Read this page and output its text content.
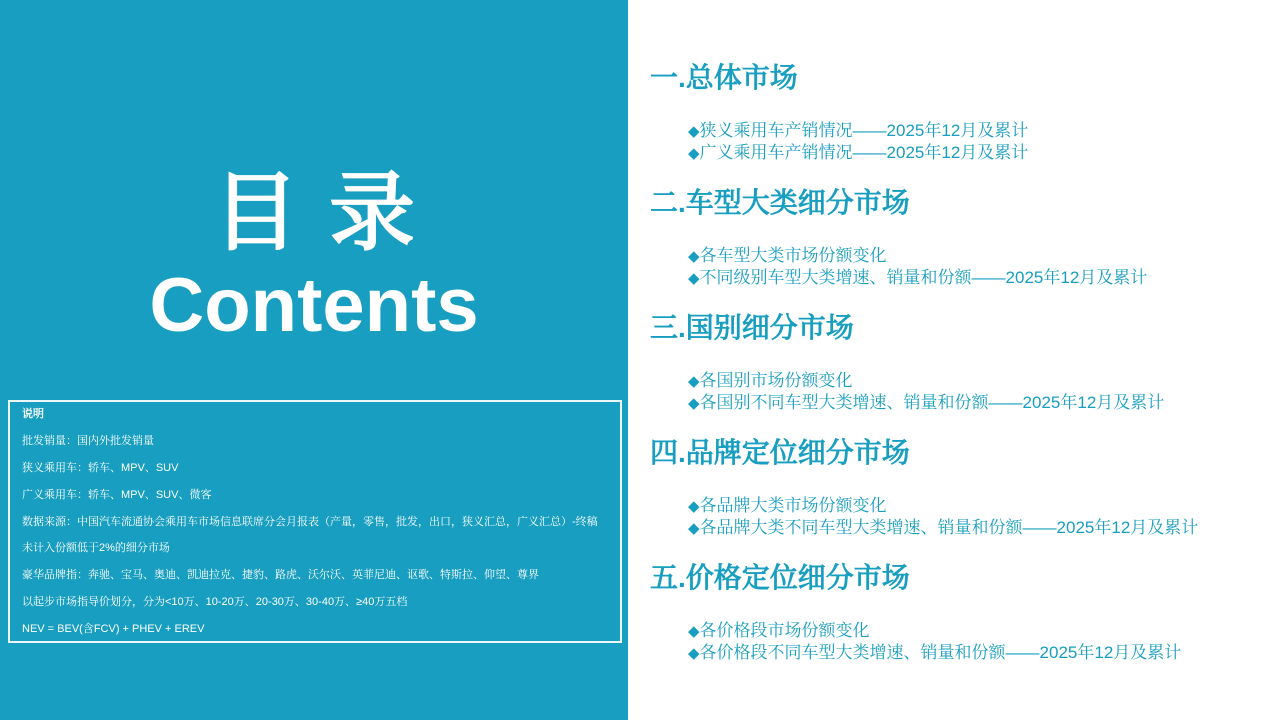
目录
Contents
说明
批发销量：国内外批发销量
狭义乘用车：轿车、MPV、SUV
广义乘用车：轿车、MPV、SUV、微客
数据来源：中国汽车流通协会乘用车市场信息联席分会月报表（产量，零售，批发，出口，狭义汇总，广义汇总）-终稿
未计入份额低于2%的细分市场
豪华品牌指：奔驰、宝马、奥迪、凯迪拉克、捷豹、路虎、沃尔沃、英菲尼迪、讴歌、特斯拉、仰望、尊界
以起步市场指导价划分，分为<10万、10-20万、20-30万、30-40万、≥40万五档
NEV = BEV(含FCV) + PHEV + EREV
一.总体市场
◆狭义乘用车产销情况——2025年12月及累计
◆广义乘用车产销情况——2025年12月及累计
二.车型大类细分市场
◆各车型大类市场份额变化
◆不同级别车型大类增速、销量和份额——2025年12月及累计
三.国别细分市场
◆各国别市场份额变化
◆各国别不同车型大类增速、销量和份额——2025年12月及累计
四.品牌定位细分市场
◆各品牌大类市场份额变化
◆各品牌大类不同车型大类增速、销量和份额——2025年12月及累计
五.价格定位细分市场
◆各价格段市场份额变化
◆各价格段不同车型大类增速、销量和份额——2025年12月及累计
